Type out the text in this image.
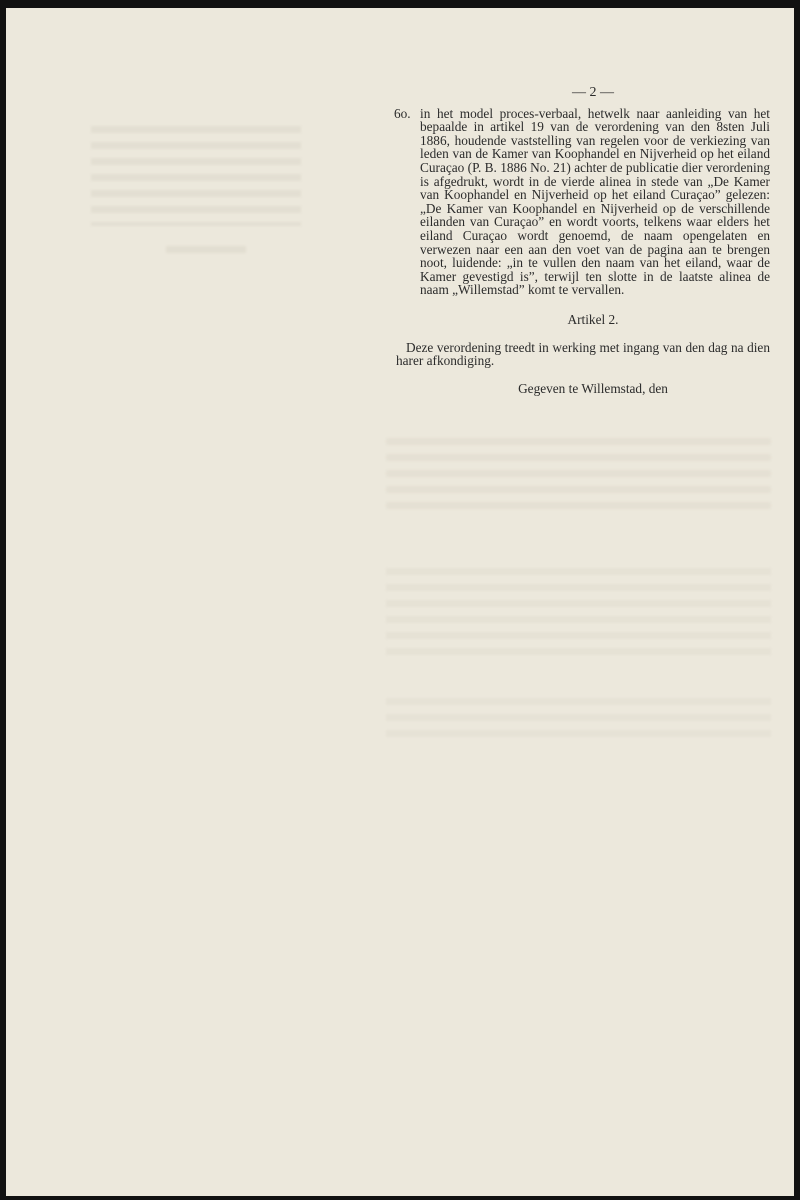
— 2 —
6o. in het model proces-verbaal, hetwelk naar aanleiding van het bepaalde in artikel 19 van de verordening van den 8sten Juli 1886, houdende vaststelling van regelen voor de verkiezing van leden van de Kamer van Koophandel en Nijverheid op het eiland Curaçao (P. B. 1886 No. 21) achter de publicatie dier verordening is afgedrukt, wordt in de vierde alinea in stede van „De Kamer van Koophandel en Nijverheid op het eiland Curaçao” gelezen: „De Kamer van Koophandel en Nijverheid op de verschillende eilanden van Curaçao” en wordt voorts, telkens waar elders het eiland Curaçao wordt genoemd, de naam opengelaten en verwezen naar een aan den voet van de pagina aan te brengen noot, luidende: „in te vullen den naam van het eiland, waar de Kamer gevestigd is”, terwijl ten slotte in de laatste alinea de naam „Willemstad” komt te vervallen.
Artikel 2.
Deze verordening treedt in werking met ingang van den dag na dien harer afkondiging.
Gegeven te Willemstad, den
